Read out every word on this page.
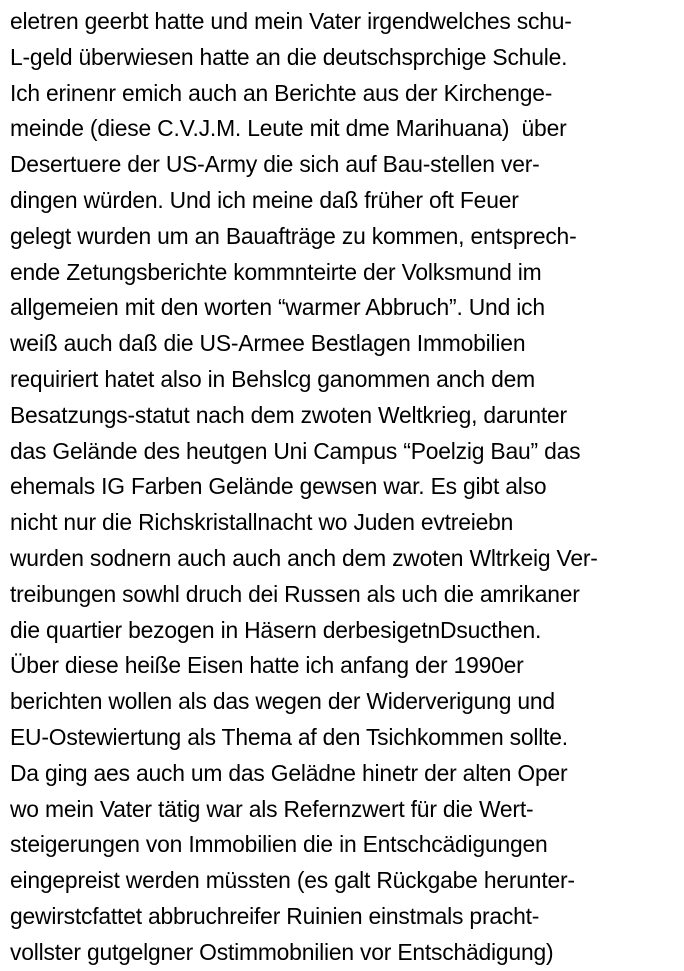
eletren geerbt hatte und mein Vater irgendwelches schu-
L-geld überwiesen hatte an die deutschsprchige Schule.
Ich erinenr emich auch an Berichte aus der Kirchenge-
meinde (diese C.V.J.M. Leute mit dme Marihuana)  über
Desertuere der US-Army die sich auf Bau-stellen ver-
dingen würden. Und ich meine daß früher oft Feuer
gelegt wurden um an Bauafträge zu kommen, entsprech-
ende Zetungsberichte kommnteirte der Volksmund im
allgemeien mit den worten “warmer Abbruch”. Und ich
weiß auch daß die US-Armee Bestlagen Immobilien
requiriert hatet also in Behslcg ganommen anch dem
Besatzungs-statut nach dem zwoten Weltkrieg, darunter
das Gelände des heutgen Uni Campus “Poelzig Bau” das
ehemals IG Farben Gelände gewsen war. Es gibt also
nicht nur die Richskristallnacht wo Juden evtreiebn
wurden sodnern auch auch anch dem zwoten Wltrkeig Ver-
treibungen sowhl druch dei Russen als uch die amrikaner
die quartier bezogen in Häsern derbesigetnDsucthen.
Über diese heiße Eisen hatte ich anfang der 1990er
berichten wollen als das wegen der Widerverigung und
EU-Ostewiertung als Thema af den Tsichkommen sollte.
Da ging aes auch um das Gelädne hinetr der alten Oper
wo mein Vater tätig war als Refernzwert für die Wert-
steigerungen von Immobilien die in Entschcädigungen
eingepreist werden müssten (es galt Rückgabe herunter-
gewirstcfattet abbruchreifer Ruinien einstmals pracht-
vollster gutgelgner Ostimmobnilien vor Entschädigung)
